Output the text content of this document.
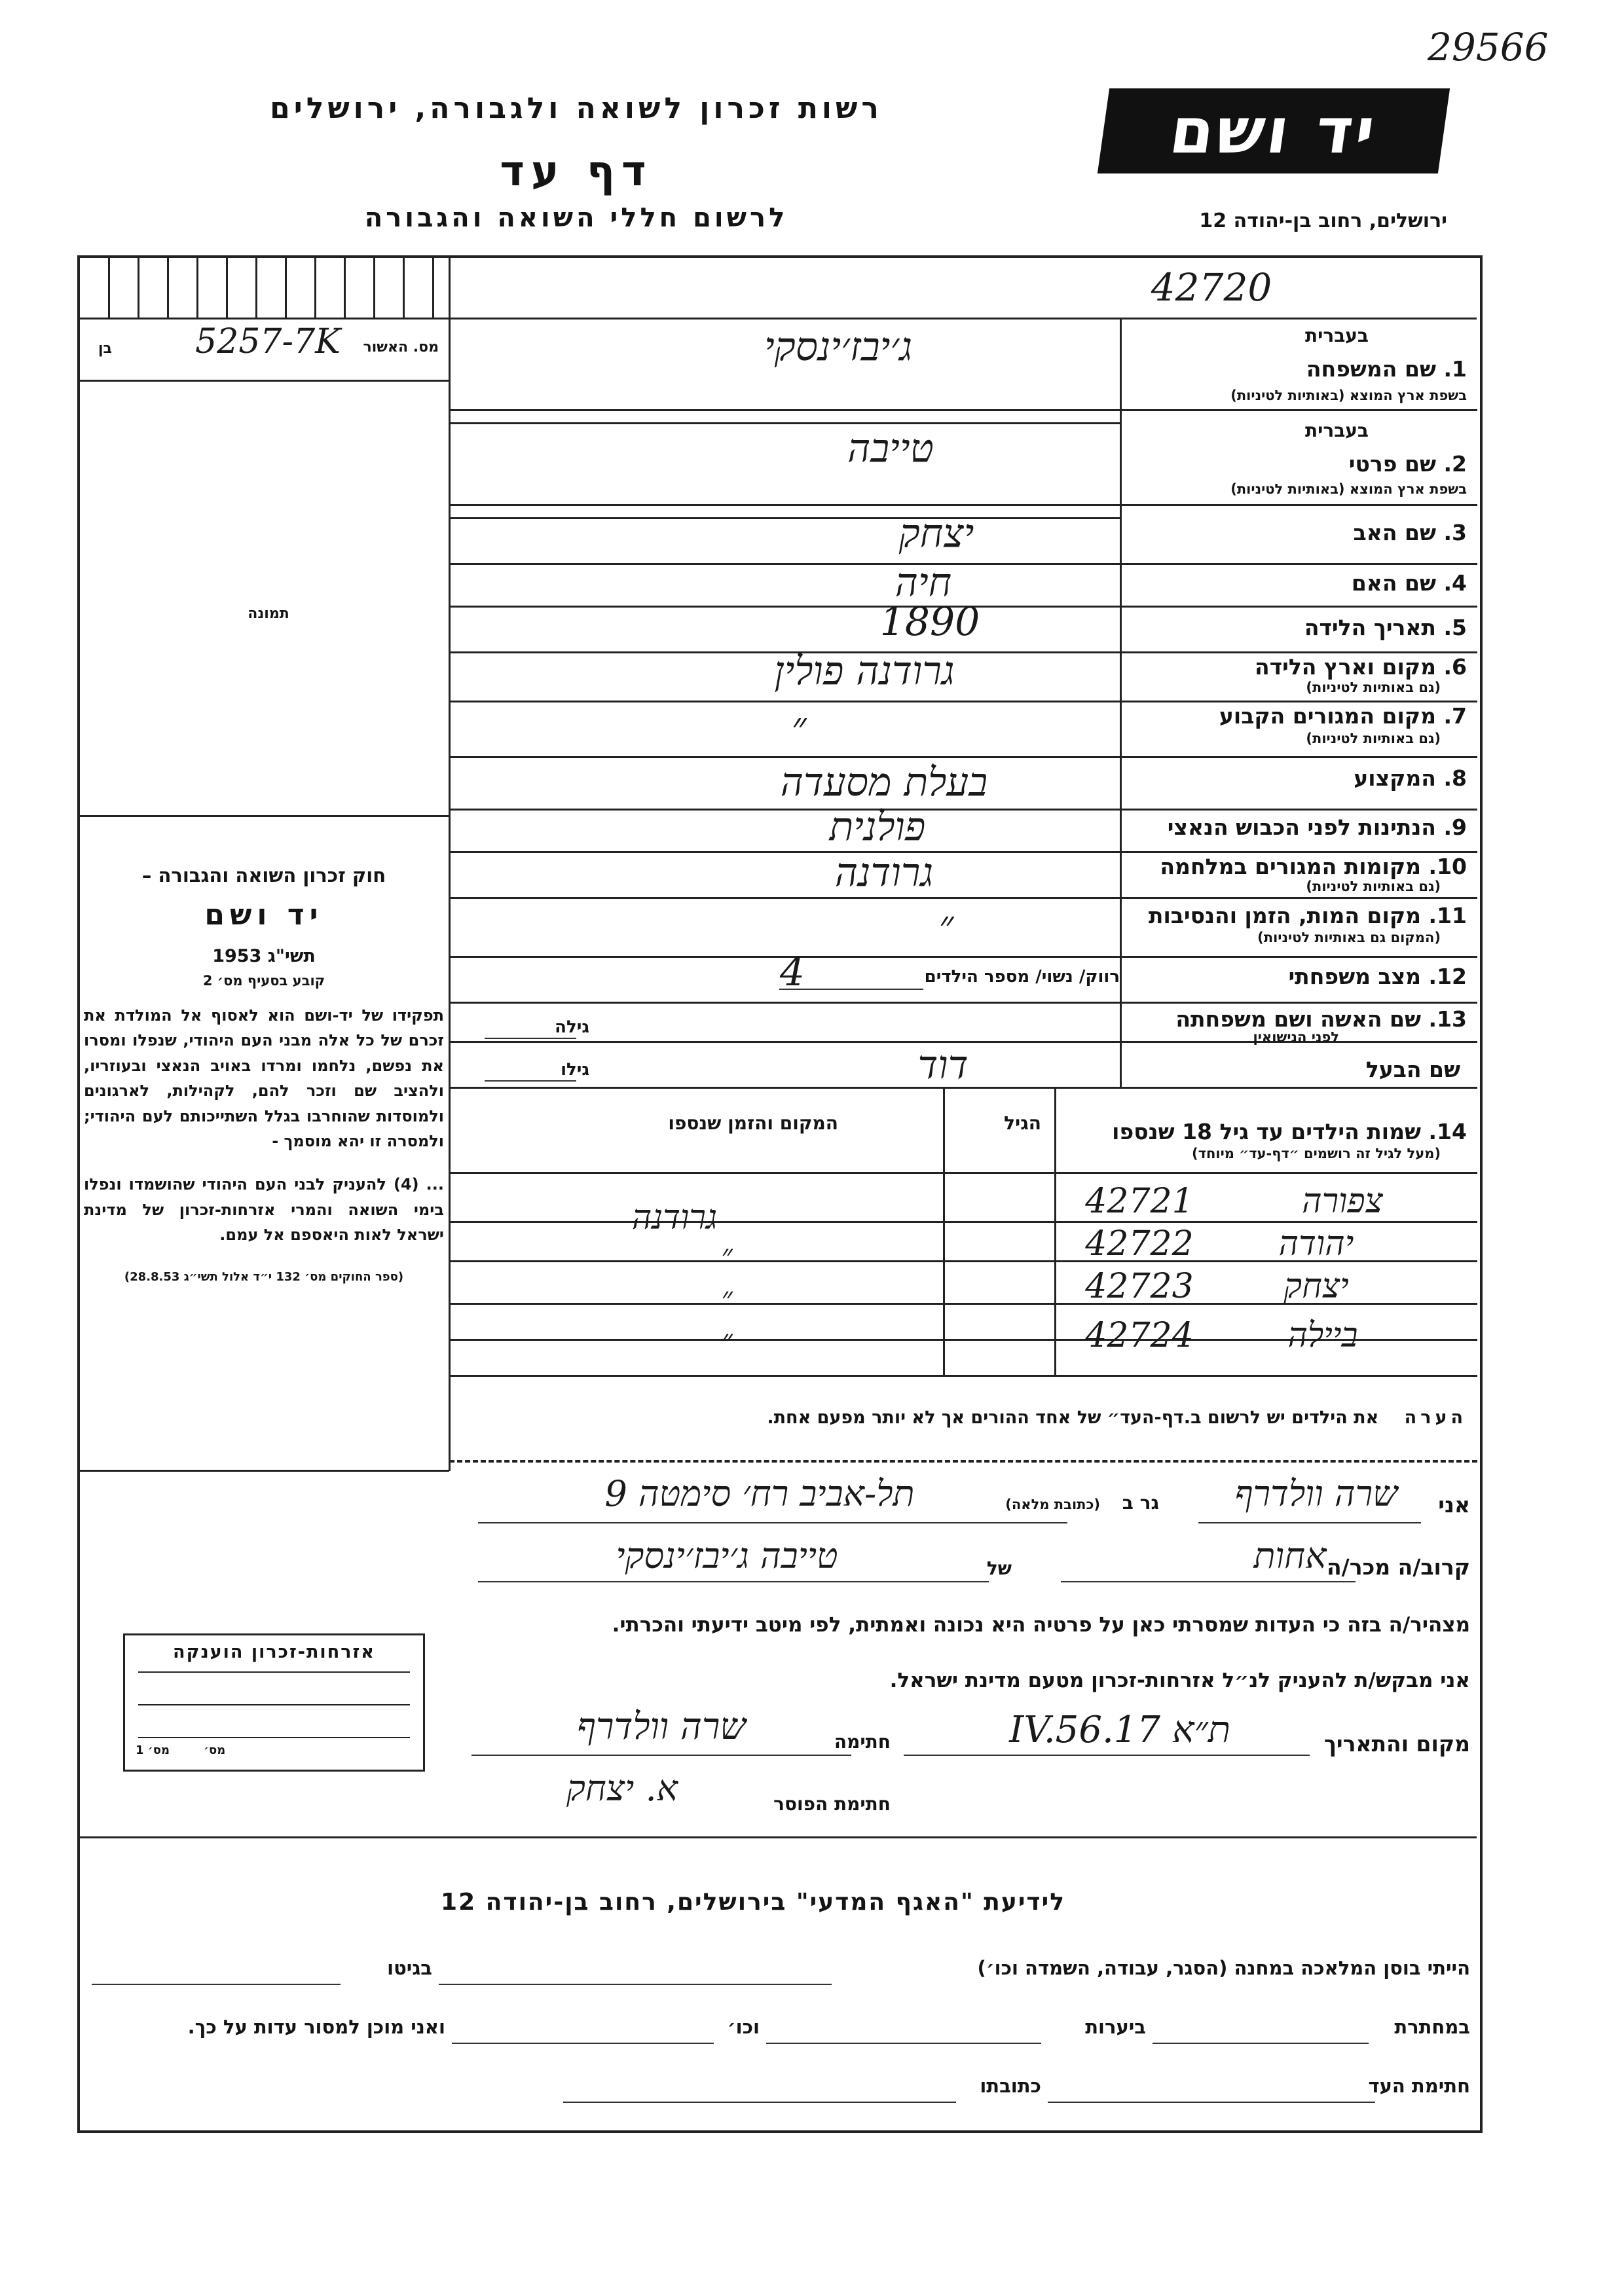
29566
רשות זכרון לשואה ולגבורה, ירושלים
דף עד
לרשום חללי השואה והגבורה
יד ושם
ירושלים, רחוב בן-יהודה 12
42720
מס. האשור
5257-7K
בן
תמונה
חוק זכרון השואה והגבורה –
יד ושם
תשי"ג 1953
קובע בסעיף מס׳ 2
תפקידו של יד-ושם הוא לאסוף אל המולדת את זכרם של כל אלה מבני העם היהודי, שנפלו ומסרו את נפשם, נלחמו ומרדו באויב הנאצי ובעוזריו, ולהציב שם וזכר להם, לקהילות, לארגונים ולמוסדות שהוחרבו בגלל השתייכותם לעם היהודי; ולמסרה זו יהא מוסמך -
... (4) להעניק לבני העם היהודי שהושמדו ונפלו בימי השואה והמרי אזרחות-זכרון של מדינת ישראל לאות היאספם אל עמם.
(ספר החוקים מס׳ 132 י״ד אלול תשי״ג 28.8.53)
בעברית
1. שם המשפחה
בשפת ארץ המוצא (באותיות לטיניות)
ג׳יבז׳ינסקי
בעברית
2. שם פרטי
בשפת ארץ המוצא (באותיות לטיניות)
טייבה
3. שם האב
יצחק
4. שם האם
חיה
5. תאריך הלידה
1890
6. מקום וארץ הלידה
(גם באותיות לטיניות)
גרודנה פולין
7. מקום המגורים הקבוע
(גם באותיות לטיניות)
״
8. המקצוע
בעלת מסעדה
9. הנתינות לפני הכבוש הנאצי
פולנית
10. מקומות המגורים במלחמה
(גם באותיות לטיניות)
גרודנה
11. מקום המות, הזמן והנסיבות
(המקום גם באותיות לטיניות)
״
12. מצב משפחתי
רווק/ נשוי/ מספר הילדים
4
13. שם האשה ושם משפחתה
לפני הנישואין
גילה
שם הבעל
דוד
גילו
14. שמות הילדים עד גיל 18 שנספו
(מעל לגיל זה רושמים ״דף-עד״ מיוחד)
הגיל
המקום והזמן שנספו
צפורה
42721
גרודנה
יהודה
42722
״
יצחק
42723
״
ביילה
42724
״
הערה את הילדים יש לרשום ב.דף-העד״ של אחד ההורים אך לא יותר מפעם אחת.
אני
שרה וולדרף
גר ב
(כתובת מלאה)
תל-אביב רח׳ סימטה 9
קרוב/ה מכר/ה
אחות
של
טייבה ג׳יבז׳ינסקי
מצהיר/ה בזה כי העדות שמסרתי כאן על פרטיה היא נכונה ואמתית, לפי מיטב ידיעתי והכרתי.
אני מבקש/ת להעניק לנ״ל אזרחות-זכרון מטעם מדינת ישראל.
מקום והתאריך
ת״א 17.IV.56
חתימה
שרה וולדרף
חתימת הפוסר
א. יצחק
אזרחות-זכרון הוענקה
מס׳ 1	מס׳
לידיעת "האגף המדעי" בירושלים, רחוב בן-יהודה 12
הייתי בוסן המלאכה במחנה (הסגר, עבודה, השמדה וכו׳)
בגיטו
במחתרת
ביערות
וכו׳
ואני מוכן למסור עדות על כך.
חתימת העד
כתובתו
